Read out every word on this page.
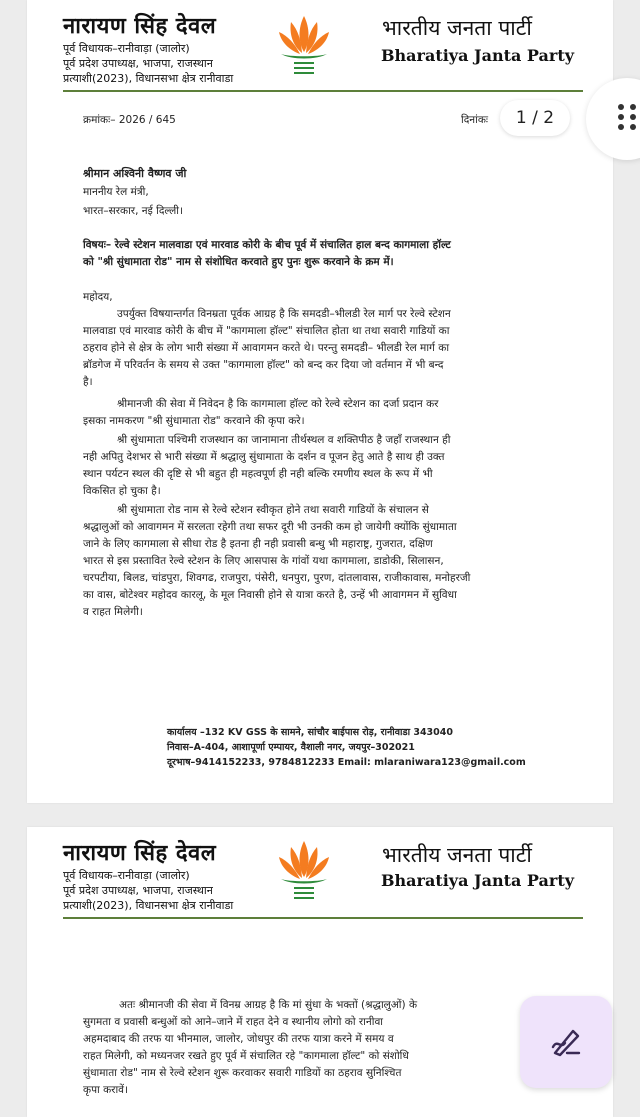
नारायण सिंह देवल
पूर्व विधायक–रानीवाड़ा (जालोर)
पूर्व प्रदेश उपाध्यक्ष, भाजपा, राजस्थान
प्रत्याशी(2023), विधानसभा क्षेत्र रानीवाडा
भारतीय जनता पार्टी
Bharatiya Janta Party
क्रमांकः– 2026 / 645	दिनांकः
श्रीमान अश्विनी वैष्णव जी
माननीय रेल मंत्री,
भारत–सरकार, नई दिल्ली।
विषयः– रेल्वे स्टेशन मालवाडा एवं मारवाड कोरी के बीच पूर्व में संचालित हाल बन्द कागमाला हॉल्ट
को "श्री सुंधामाता रोड" नाम से संशोधित करवाते हुए पुनः शुरू करवाने के क्रम में।
महोदय,
उपर्युक्त विषयान्तर्गत विनम्रता पूर्वक आग्रह है कि समदडी–भीलडी रेल मार्ग पर रेल्वे स्टेशन
मालवाडा एवं मारवाड कोरी के बीच में "कागमाला हॉल्ट" संचालित होता था तथा सवारी गाडियों का
ठहराव होने से क्षेत्र के लोग भारी संख्या में आवागमन करते थे। परन्तु समदडी– भीलडी रेल मार्ग का
ब्रॉडगेज में परिवर्तन के समय से उक्त "कागमाला हॉल्ट" को बन्द कर दिया जो वर्तमान में भी बन्द
है।
श्रीमानजी की सेवा में निवेदन है कि कागमाला हॉल्ट को रेल्वे स्टेशन का दर्जा प्रदान कर
इसका नामकरण "श्री सुंधामाता रोड" करवाने की कृपा करे।
श्री सुंधामाता पश्चिमी राजस्थान का जानामाना तीर्थस्थल व शक्तिपीठ है जहाँ राजस्थान ही
नही अपितु देशभर से भारी संख्या में श्रद्धालु सुंधामाता के दर्शन व पूजन हेतु आते है साथ ही उक्त
स्थान पर्यटन स्थल की दृष्टि से भी बहुत ही महत्वपूर्ण ही नही बल्कि रमणीय स्थल के रूप में भी
विकसित हो चुका है।
श्री सुंधामाता रोड नाम से रेल्वे स्टेशन स्वीकृत होने तथा सवारी गाडियों के संचालन से
श्रद्धालुओं को आवागमन में सरलता रहेगी तथा सफर दूरी भी उनकी कम हो जायेगी क्योंकि सुंधामाता
जाने के लिए कागमाला से सीधा रोड है इतना ही नही प्रवासी बन्धु भी महाराष्ट्र, गुजरात, दक्षिण
भारत से इस प्रस्तावित रेल्वे स्टेशन के लिए आसपास के गांवों यथा कागमाला, डाडोकी, सिलासन,
चरपटीया, बिलड, चांडपुरा, शिवगढ, राजपुरा, पंसेरी, धनपुरा, पुरण, दांतलावास, राजीकावास, मनोहरजी
का वास, बोटेश्वर महोदव कारलू, के मूल निवासी होने से यात्रा करते है, उन्हें भी आवागमन में सुविधा
व राहत मिलेगी।
कार्यालय –132 KV GSS के सामने, सांचौर बाईपास रोड़, रानीवाडा 343040
निवास–A-404, आशापूर्णा एम्पायर, वैशाली नगर, जयपुर–302021
दूरभाष–9414152233, 9784812233 Email: mlaraniwara123@gmail.com
1 / 2
नारायण सिंह देवल
पूर्व विधायक–रानीवाड़ा (जालोर)
पूर्व प्रदेश उपाध्यक्ष, भाजपा, राजस्थान
प्रत्याशी(2023), विधानसभा क्षेत्र रानीवाडा
भारतीय जनता पार्टी
Bharatiya Janta Party
अतः श्रीमानजी की सेवा में विनम्र आग्रह है कि मां सुंधा के भक्तों (श्रद्धालुओं) के
सुगमता व प्रवासी बन्धुओं को आने–जाने में राहत देने व स्थानीय लोगो को रानीवा
अहमदाबाद की तरफ या भीनमाल, जालोर, जोधपुर की तरफ यात्रा करने में समय व
राहत मिलेगी, को मध्यनजर रखते हुए पूर्व में संचालित रहे "कागमाला हॉल्ट" को संशोधि
सुंधामाता रोड" नाम से रेल्वे स्टेशन शुरू करवाकर सवारी गाडियों का ठहराव सुनिश्चित
कृपा करावें।
